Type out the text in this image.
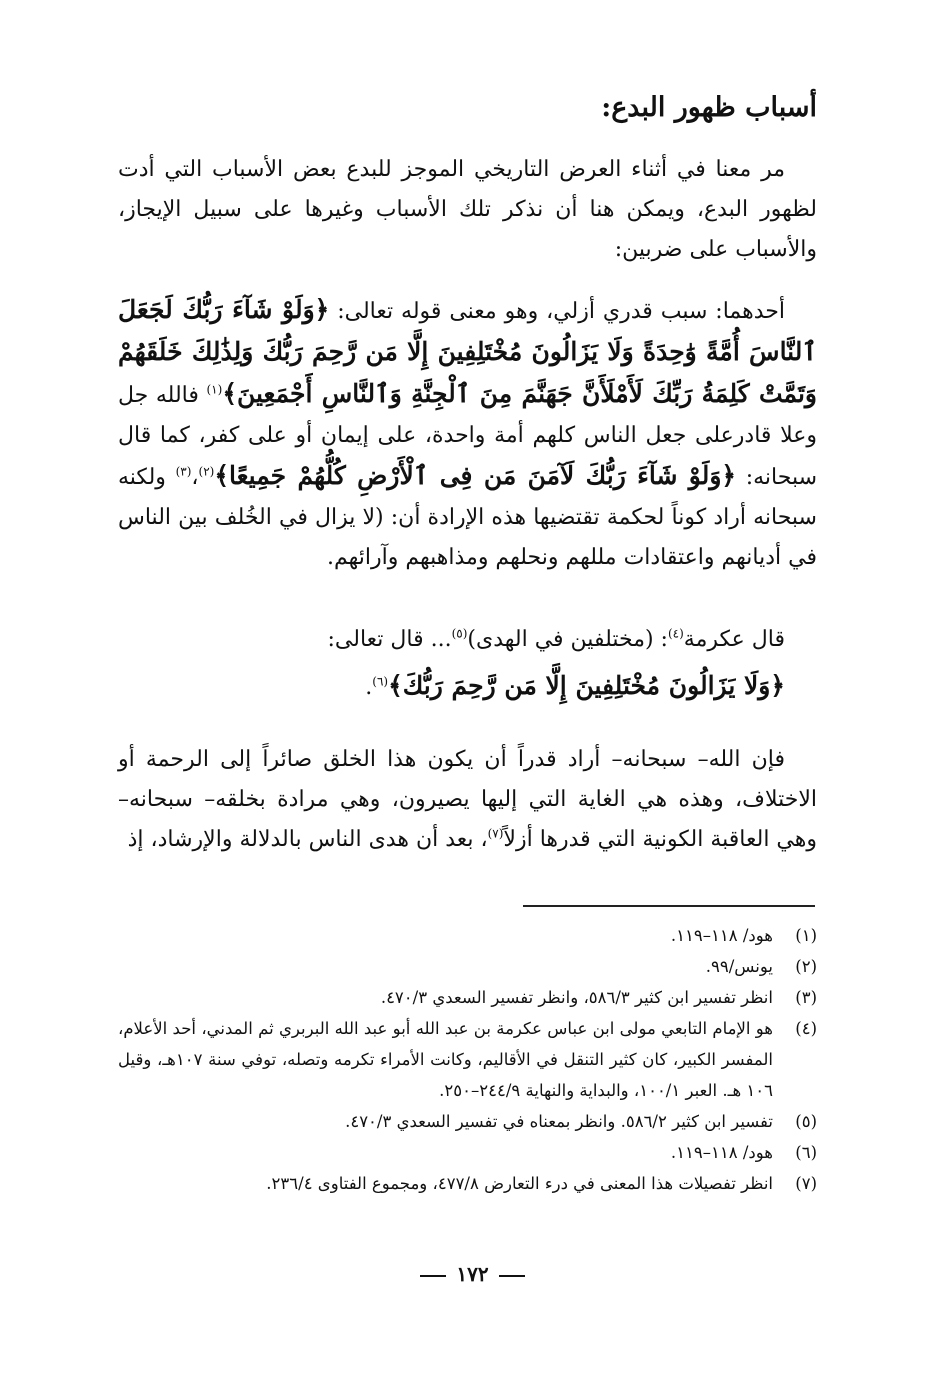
أسباب ظهور البدع:
مر معنا في أثناء العرض التاريخي الموجز للبدع بعض الأسباب التي أدت لظهور البدع، ويمكن هنا أن نذكر تلك الأسباب وغيرها على سبيل الإيجاز، والأسباب على ضربين:
أحدهما: سبب قدري أزلي، وهو معنى قوله تعالى: ﴿وَلَوْ شَآءَ رَبُّكَ لَجَعَلَ ٱلنَّاسَ أُمَّةً وَٰحِدَةً وَلَا يَزَالُونَ مُخْتَلِفِينَ إِلَّا مَن رَّحِمَ رَبُّكَ وَلِذَٰلِكَ خَلَقَهُمْ وَتَمَّتْ كَلِمَةُ رَبِّكَ لَأَمْلَأَنَّ جَهَنَّمَ مِنَ ٱلْجِنَّةِ وَٱلنَّاسِ أَجْمَعِينَ﴾$^{(١)}$ فالله جل وعلا قادرعلى جعل الناس كلهم أمة واحدة، على إيمان أو على كفر، كما قال سبحانه: ﴿وَلَوْ شَآءَ رَبُّكَ لَآمَنَ مَن فِى ٱلْأَرْضِ كُلُّهُمْ جَمِيعًا﴾$^{(٢)}$،$^{(٣)}$ ولكنه سبحانه أراد كوناً لحكمة تقتضيها هذه الإرادة أن: (لا يزال في الخُلف بين الناس في أديانهم واعتقادات مللهم ونحلهم ومذاهبهم وآرائهم.
قال عكرمة$^{(٤)}$: (مختلفين في الهدى)$^{(٥)}$... قال تعالى:
﴿وَلَا يَزَالُونَ مُخْتَلِفِينَ إِلَّا مَن رَّحِمَ رَبُّكَ﴾$^{(٦)}$.
فإن الله– سبحانه– أراد قدراً أن يكون هذا الخلق صائراً إلى الرحمة أو الاختلاف، وهذه هي الغاية التي إليها يصيرون، وهي مرادة بخلقه– سبحانه– وهي العاقبة الكونية التي قدرها أزلاً$^{(٧)}$، بعد أن هدى الناس بالدلالة والإرشاد، إذ
(١)
هود/ ١١٨–١١٩.
(٢)
يونس/٩٩.
(٣)
انظر تفسير ابن كثير ٥٨٦/٣، وانظر تفسير السعدي ٤٧٠/٣.
(٤)
هو الإمام التابعي مولى ابن عباس عكرمة بن عبد الله أبو عبد الله البربري ثم المدني، أحد الأعلام، المفسر الكبير، كان كثير التنقل في الأقاليم، وكانت الأمراء تكرمه وتصله، توفي سنة ١٠٧هـ، وقيل ١٠٦ هـ. العبر ١٠٠/١، والبداية والنهاية ٢٤٤/٩–٢٥٠.
(٥)
تفسير ابن كثير ٥٨٦/٢. وانظر بمعناه في تفسير السعدي ٤٧٠/٣.
(٦)
هود/ ١١٨–١١٩.
(٧)
انظر تفصيلات هذا المعنى في درء التعارض ٤٧٧/٨، ومجموع الفتاوى ٢٣٦/٤.
١٧٢
